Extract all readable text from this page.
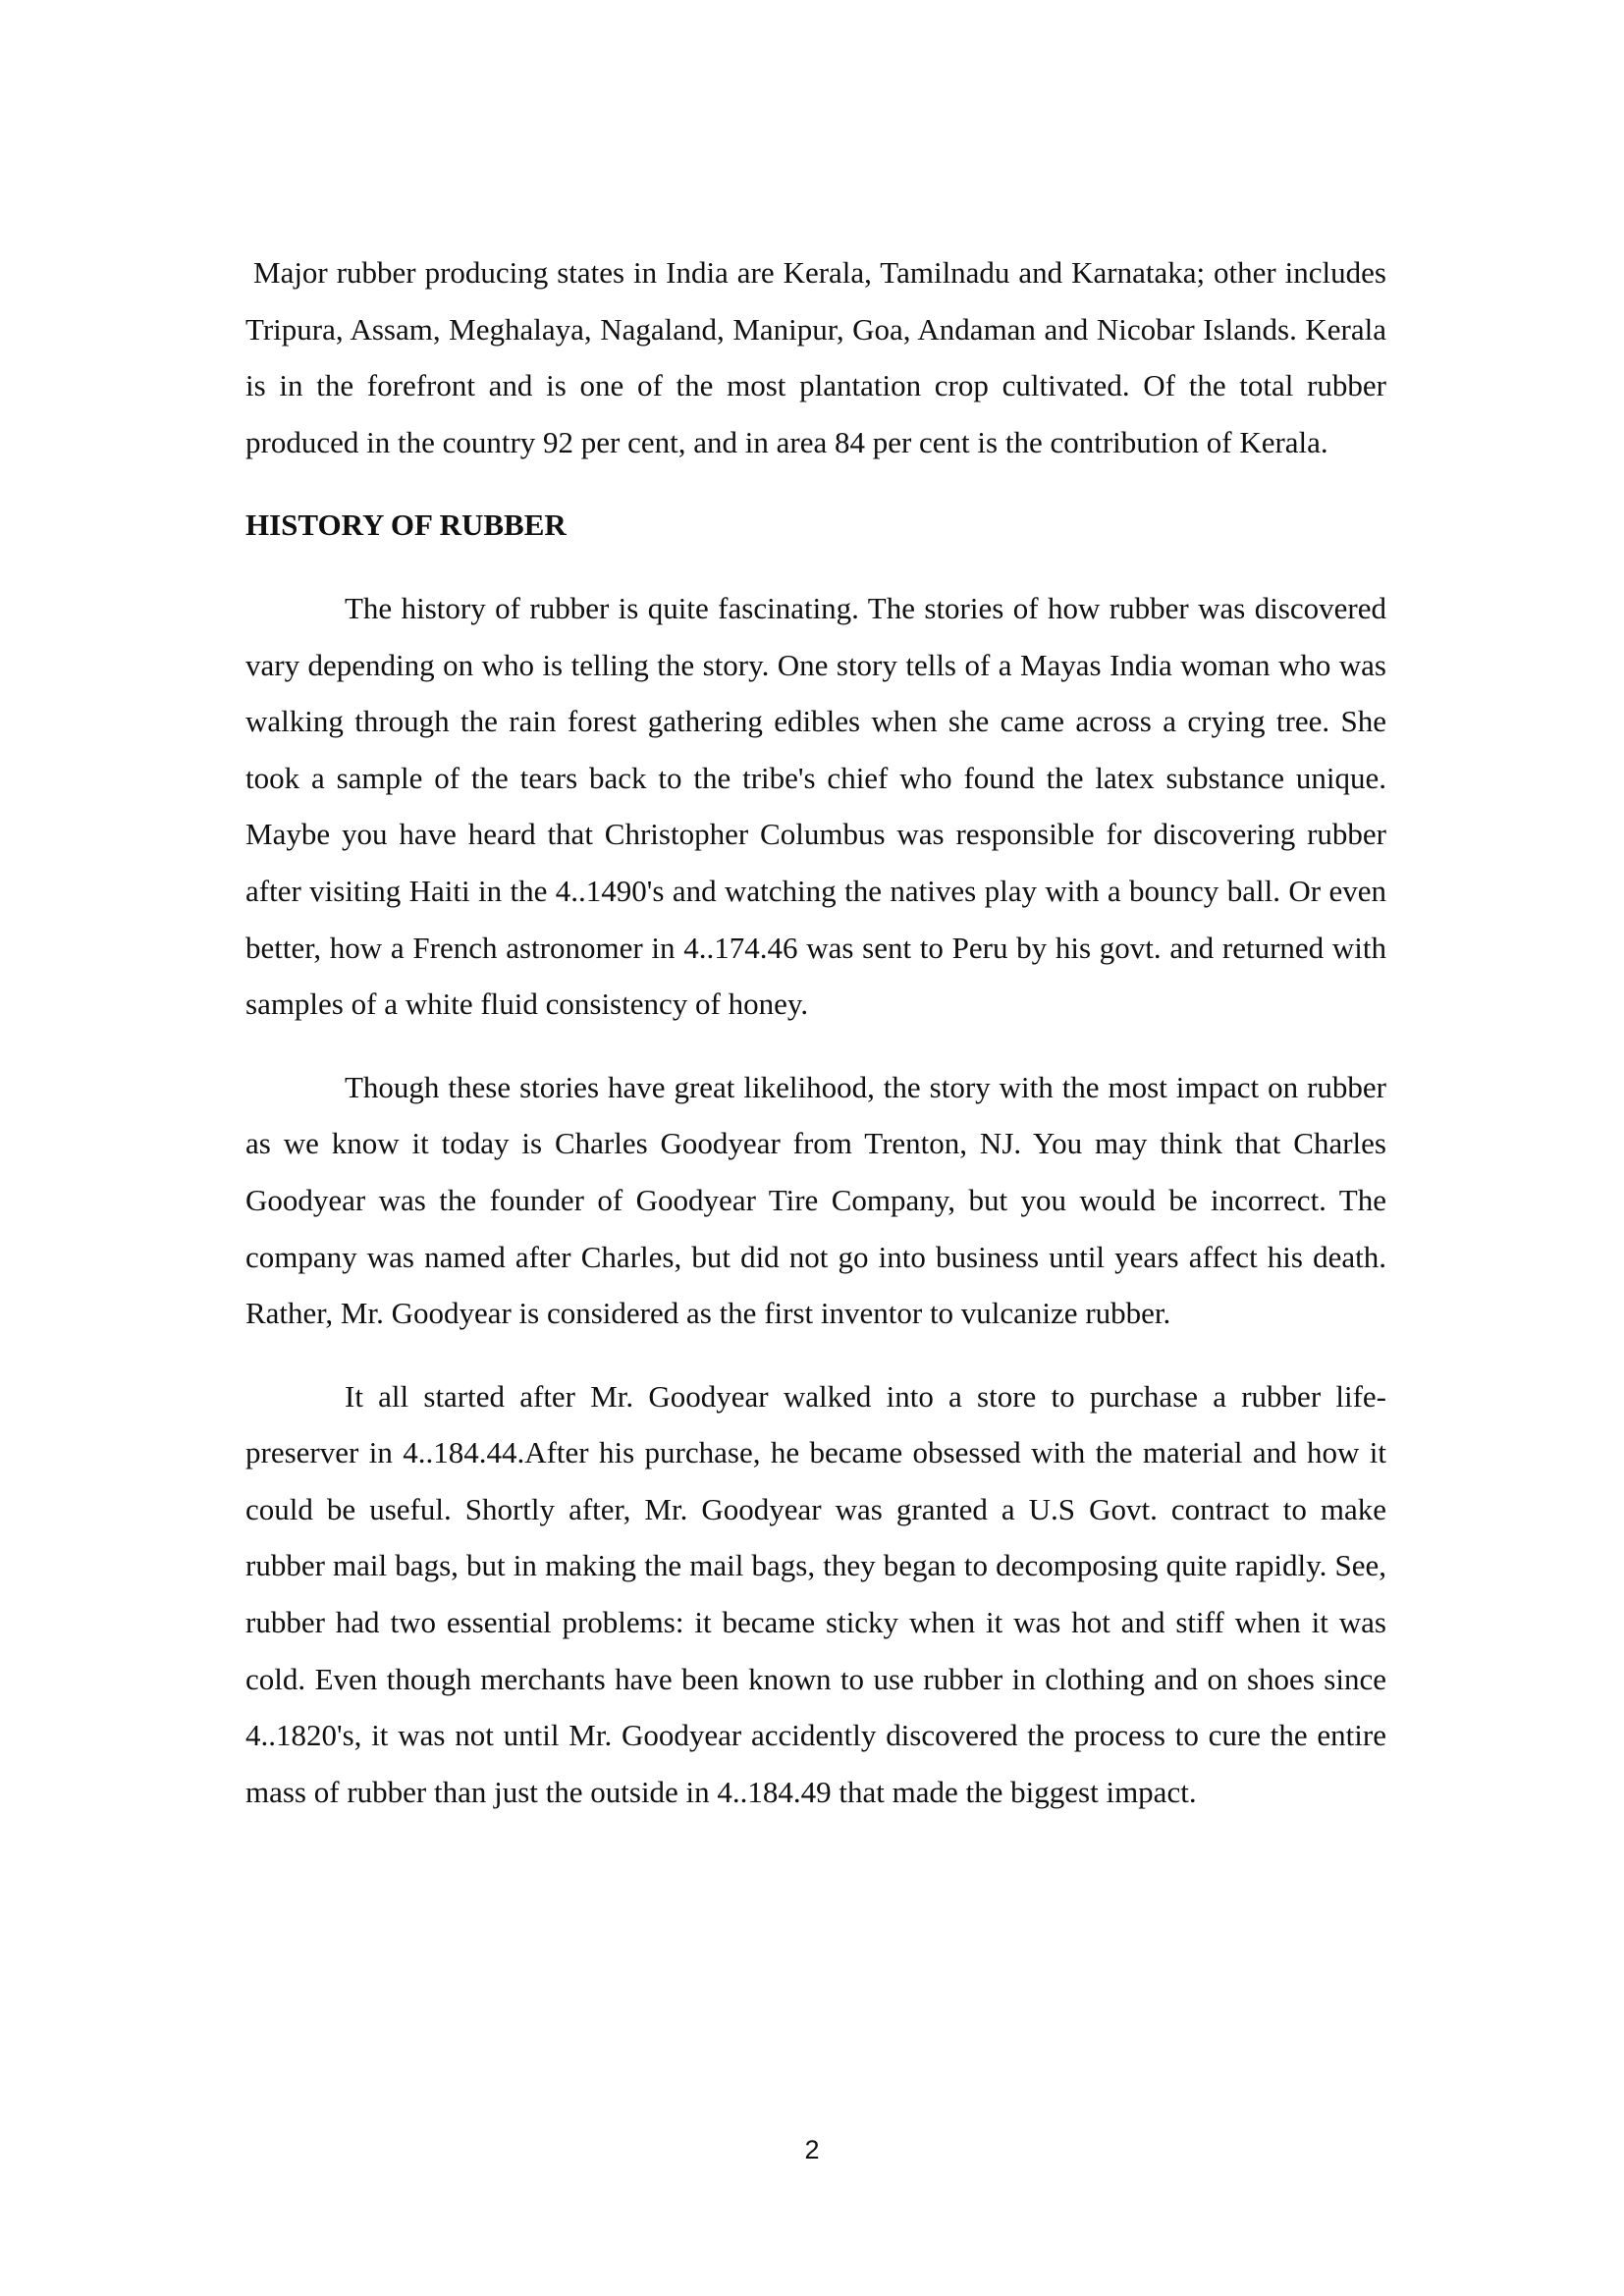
Major rubber producing states in India are Kerala, Tamilnadu and Karnataka; other includes Tripura, Assam, Meghalaya, Nagaland, Manipur, Goa, Andaman and Nicobar Islands. Kerala is in the forefront and is one of the most plantation crop cultivated. Of the total rubber produced in the country 92 per cent, and in area 84 per cent is the contribution of Kerala.

HISTORY OF RUBBER

The history of rubber is quite fascinating. The stories of how rubber was discovered vary depending on who is telling the story. One story tells of a Mayas India woman who was walking through the rain forest gathering edibles when she came across a crying tree. She took a sample of the tears back to the tribe's chief who found the latex substance unique. Maybe you have heard that Christopher Columbus was responsible for discovering rubber after visiting Haiti in the 4..1490's and watching the natives play with a bouncy ball. Or even better, how a French astronomer in 4..174.46 was sent to Peru by his govt. and returned with samples of a white fluid consistency of honey.

Though these stories have great likelihood, the story with the most impact on rubber as we know it today is Charles Goodyear from Trenton, NJ. You may think that Charles Goodyear was the founder of Goodyear Tire Company, but you would be incorrect. The company was named after Charles, but did not go into business until years affect his death. Rather, Mr. Goodyear is considered as the first inventor to vulcanize rubber.

It all started after Mr. Goodyear walked into a store to purchase a rubber life-preserver in 4..184.44.After his purchase, he became obsessed with the material and how it could be useful. Shortly after, Mr. Goodyear was granted a U.S Govt. contract to make rubber mail bags, but in making the mail bags, they began to decomposing quite rapidly. See, rubber had two essential problems: it became sticky when it was hot and stiff when it was cold. Even though merchants have been known to use rubber in clothing and on shoes since 4..1820's, it was not until Mr. Goodyear accidently discovered the process to cure the entire mass of rubber than just the outside in 4..184.49 that made the biggest impact.

2
